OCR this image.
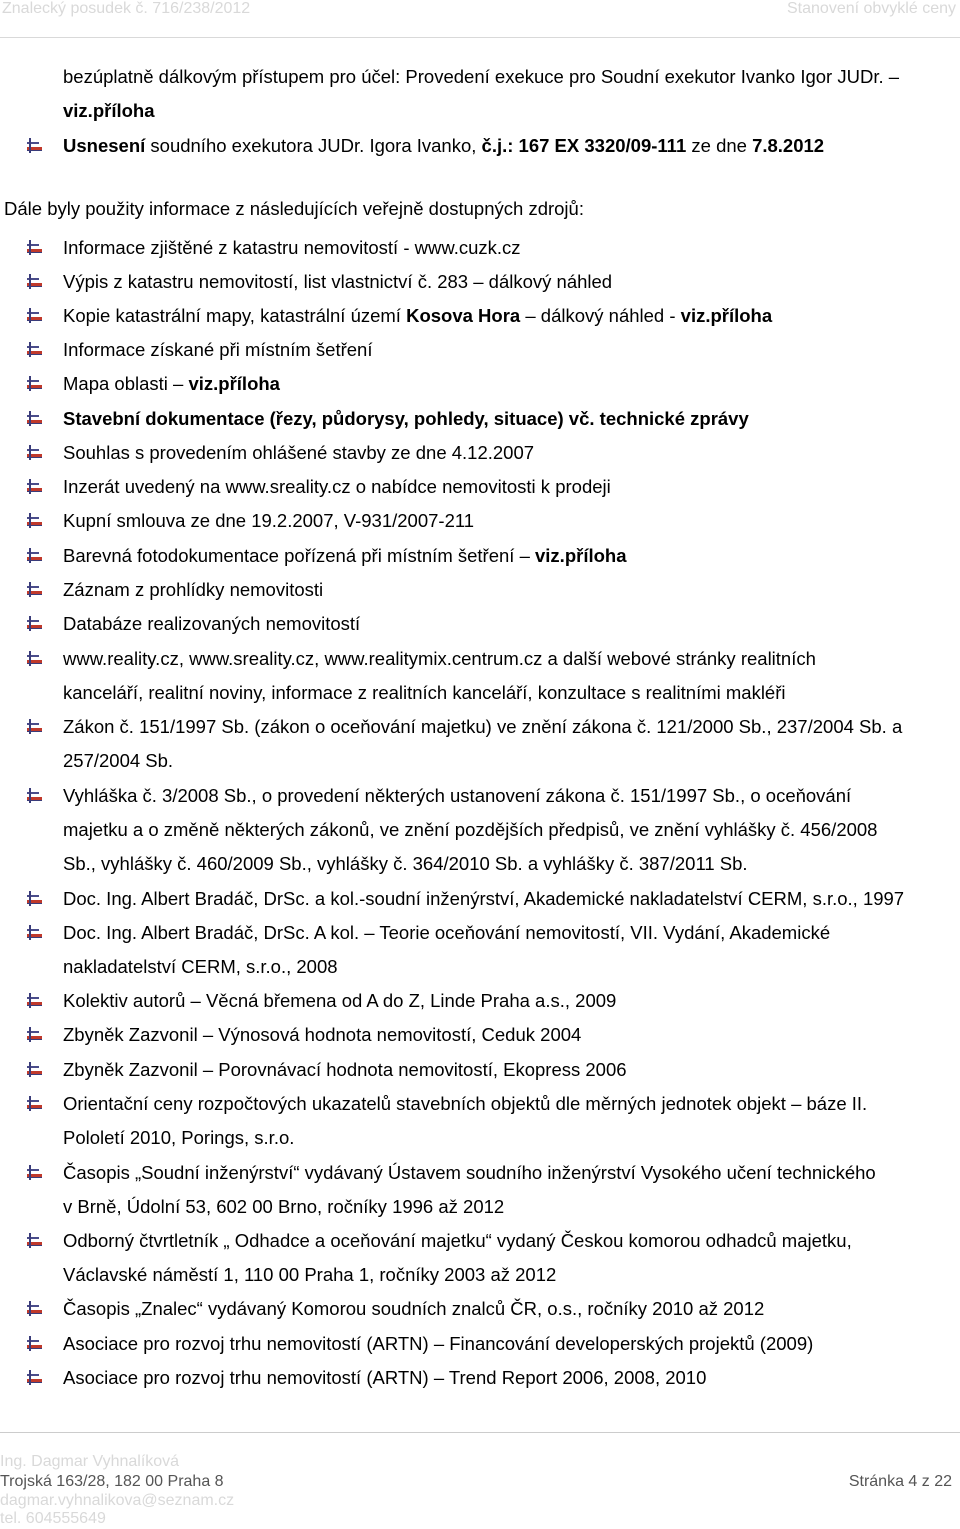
Znalecký posudek č. 716/238/2012	Stanovení obvyklé ceny
bezúplatně dálkovým přístupem pro účel: Provedení exekuce pro Soudní exekutor Ivanko Igor JUDr. –
viz.příloha
Usnesení soudního exekutora JUDr. Igora Ivanko, č.j.: 167 EX 3320/09-111 ze dne 7.8.2012
Dále byly použity informace z následujících veřejně dostupných zdrojů:
Informace zjištěné z katastru nemovitostí - www.cuzk.cz
Výpis z katastru nemovitostí, list vlastnictví č. 283 – dálkový náhled
Kopie katastrální mapy, katastrální území Kosova Hora – dálkový náhled - viz.příloha
Informace získané při místním šetření
Mapa oblasti – viz.příloha
Stavební dokumentace (řezy, půdorysy, pohledy, situace) vč. technické zprávy
Souhlas s provedením ohlášené stavby ze dne 4.12.2007
Inzerát uvedený na www.sreality.cz o nabídce nemovitosti k prodeji
Kupní smlouva ze dne 19.2.2007, V-931/2007-211
Barevná fotodokumentace pořízená při místním šetření – viz.příloha
Záznam z prohlídky nemovitosti
Databáze realizovaných nemovitostí
www.reality.cz, www.sreality.cz, www.realitymix.centrum.cz a další webové stránky realitních
kanceláří, realitní noviny, informace z realitních kanceláří, konzultace s realitními makléři
Zákon č. 151/1997 Sb. (zákon o oceňování majetku) ve znění zákona č. 121/2000 Sb., 237/2004 Sb. a
257/2004 Sb.
Vyhláška č. 3/2008 Sb., o provedení některých ustanovení zákona č. 151/1997 Sb., o oceňování
majetku a o změně některých zákonů, ve znění pozdějších předpisů, ve znění vyhlášky č. 456/2008
Sb., vyhlášky č. 460/2009 Sb., vyhlášky č. 364/2010 Sb. a vyhlášky č. 387/2011 Sb.
Doc. Ing. Albert Bradáč, DrSc. a kol.-soudní inženýrství, Akademické nakladatelství CERM, s.r.o., 1997
Doc. Ing. Albert Bradáč, DrSc. A kol. – Teorie oceňování nemovitostí, VII. Vydání, Akademické
nakladatelství CERM, s.r.o., 2008
Kolektiv autorů – Věcná břemena od A do Z, Linde Praha a.s., 2009
Zbyněk Zazvonil – Výnosová hodnota nemovitostí, Ceduk 2004
Zbyněk Zazvonil – Porovnávací hodnota nemovitostí, Ekopress 2006
Orientační ceny rozpočtových ukazatelů stavebních objektů dle měrných jednotek objekt – báze II.
Pololetí 2010, Porings, s.r.o.
Časopis „Soudní inženýrství“ vydávaný Ústavem soudního inženýrství Vysokého učení technického
v Brně, Údolní 53, 602 00 Brno, ročníky 1996 až 2012
Odborný čtvrtletník „ Odhadce a oceňování majetku“ vydaný Českou komorou odhadců majetku,
Václavské náměstí 1, 110 00 Praha 1, ročníky 2003 až 2012
Časopis „Znalec“ vydávaný Komorou soudních znalců ČR, o.s., ročníky 2010 až 2012
Asociace pro rozvoj trhu nemovitostí (ARTN) – Financování developerských projektů (2009)
Asociace pro rozvoj trhu nemovitostí (ARTN) – Trend Report 2006, 2008, 2010
Ing. Dagmar Vyhnalíková
Trojská 163/28, 182 00 Praha 8
dagmar.vyhnalikova@seznam.cz
tel. 604555649
Stránka 4 z 22
